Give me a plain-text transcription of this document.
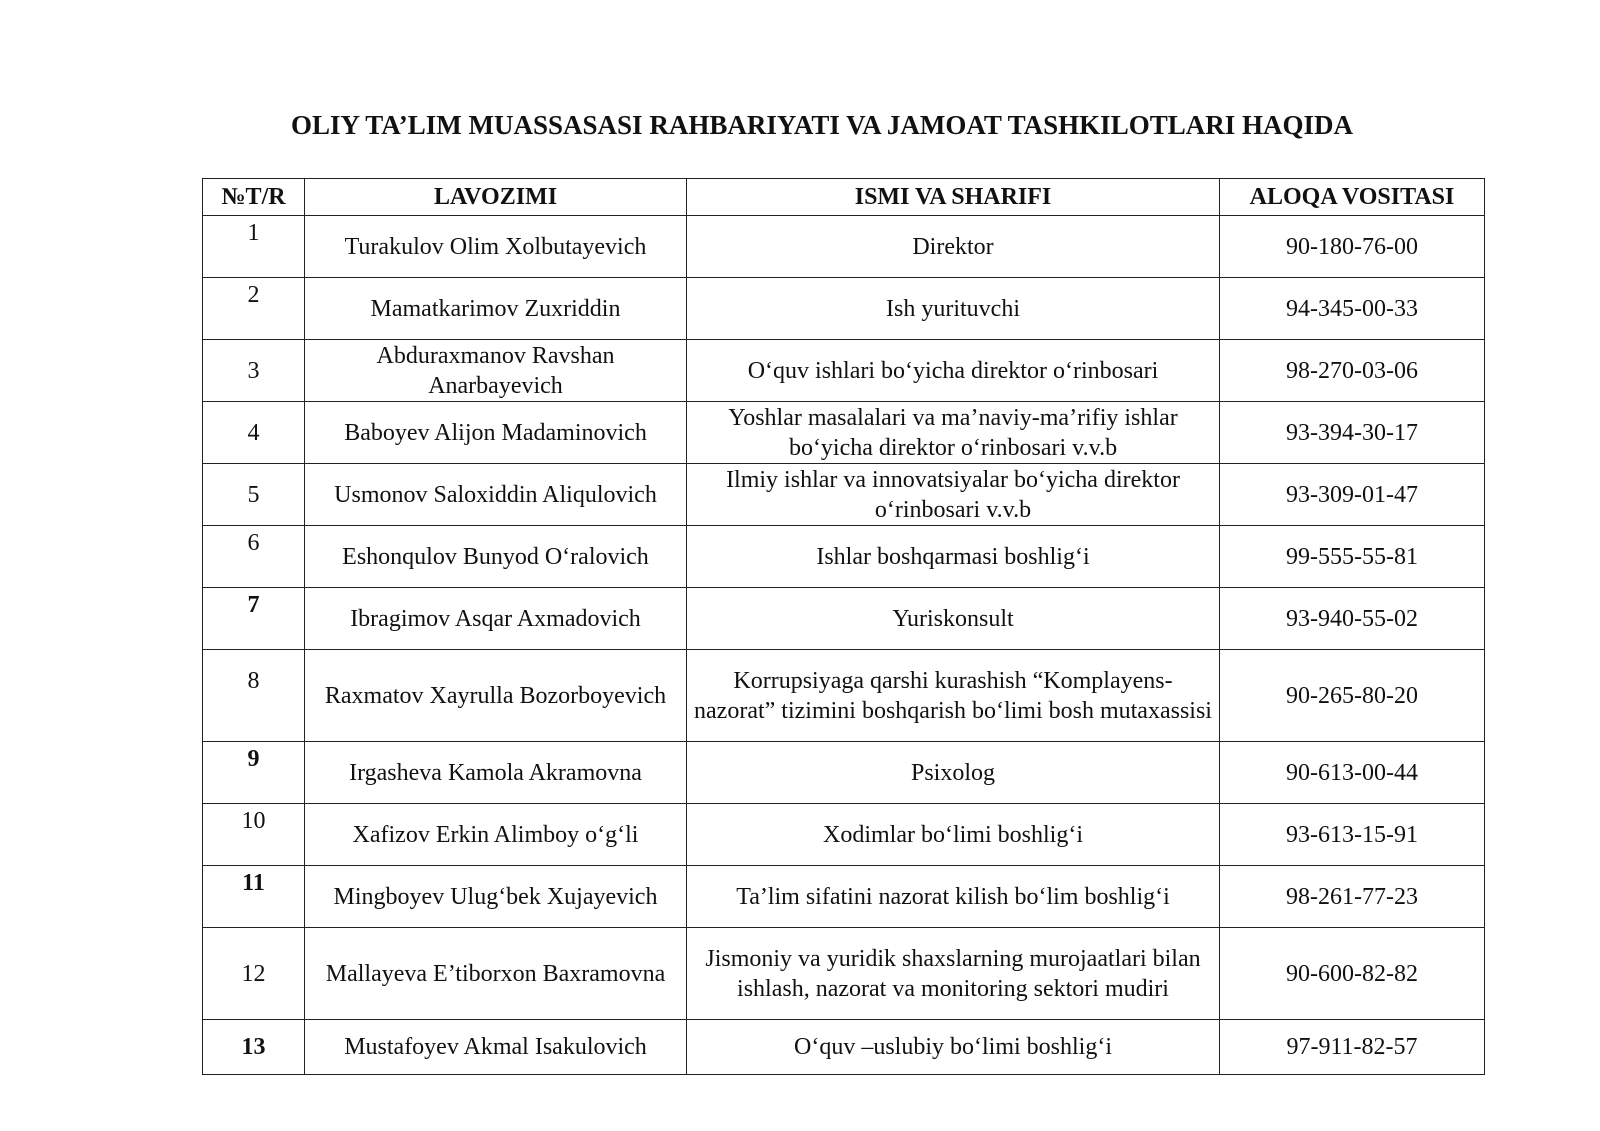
OLIY TA’LIM MUASSASASI RAHBARIYATI VA JAMOAT TASHKILOTLARI HAQIDA
№T/R	LAVOZIMI	ISMI VA SHARIFI	ALOQA VOSITASI

1	Turakulov Olim Xolbutayevich	Direktor	90-180-76-00

2	Mamatkarimov Zuxriddin	Ish yurituvchi	94-345-00-33
3	Abduraxmanov Ravshan Anarbayevich	O‘quv ishlari bo‘yicha direktor o‘rinbosari	98-270-03-06
4	Baboyev Alijon Madaminovich	Yoshlar masalalari va ma’naviy-ma’rifiy ishlar bo‘yicha direktor o‘rinbosari v.v.b	93-394-30-17
5	Usmonov Saloxiddin Aliqulovich	Ilmiy ishlar va innovatsiyalar bo‘yicha direktor o‘rinbosari v.v.b	93-309-01-47

6	Eshonqulov Bunyod O‘ralovich	Ishlar boshqarmasi boshlig‘i	99-555-55-81

7	Ibragimov Asqar Axmadovich	Yuriskonsult	93-940-55-02

8	Raxmatov Xayrulla Bozorboyevich	Korrupsiyaga qarshi kurashish “Komplayens-nazorat” tizimini boshqarish bo‘limi bosh mutaxassisi	90-265-80-20

9	Irgasheva Kamola Akramovna	Psixolog	90-613-00-44

10	Xafizov Erkin Alimboy o‘g‘li	Xodimlar bo‘limi boshlig‘i	93-613-15-91

11	Mingboyev Ulug‘bek Xujayevich	Ta’lim sifatini nazorat kilish bo‘lim boshlig‘i	98-261-77-23
12	Mallayeva E’tiborxon Baxramovna	Jismoniy va yuridik shaxslarning murojaatlari bilan ishlash, nazorat va monitoring sektori mudiri	90-600-82-82
13	Mustafoyev Akmal Isakulovich	O‘quv –uslubiy bo‘limi boshlig‘i	97-911-82-57
